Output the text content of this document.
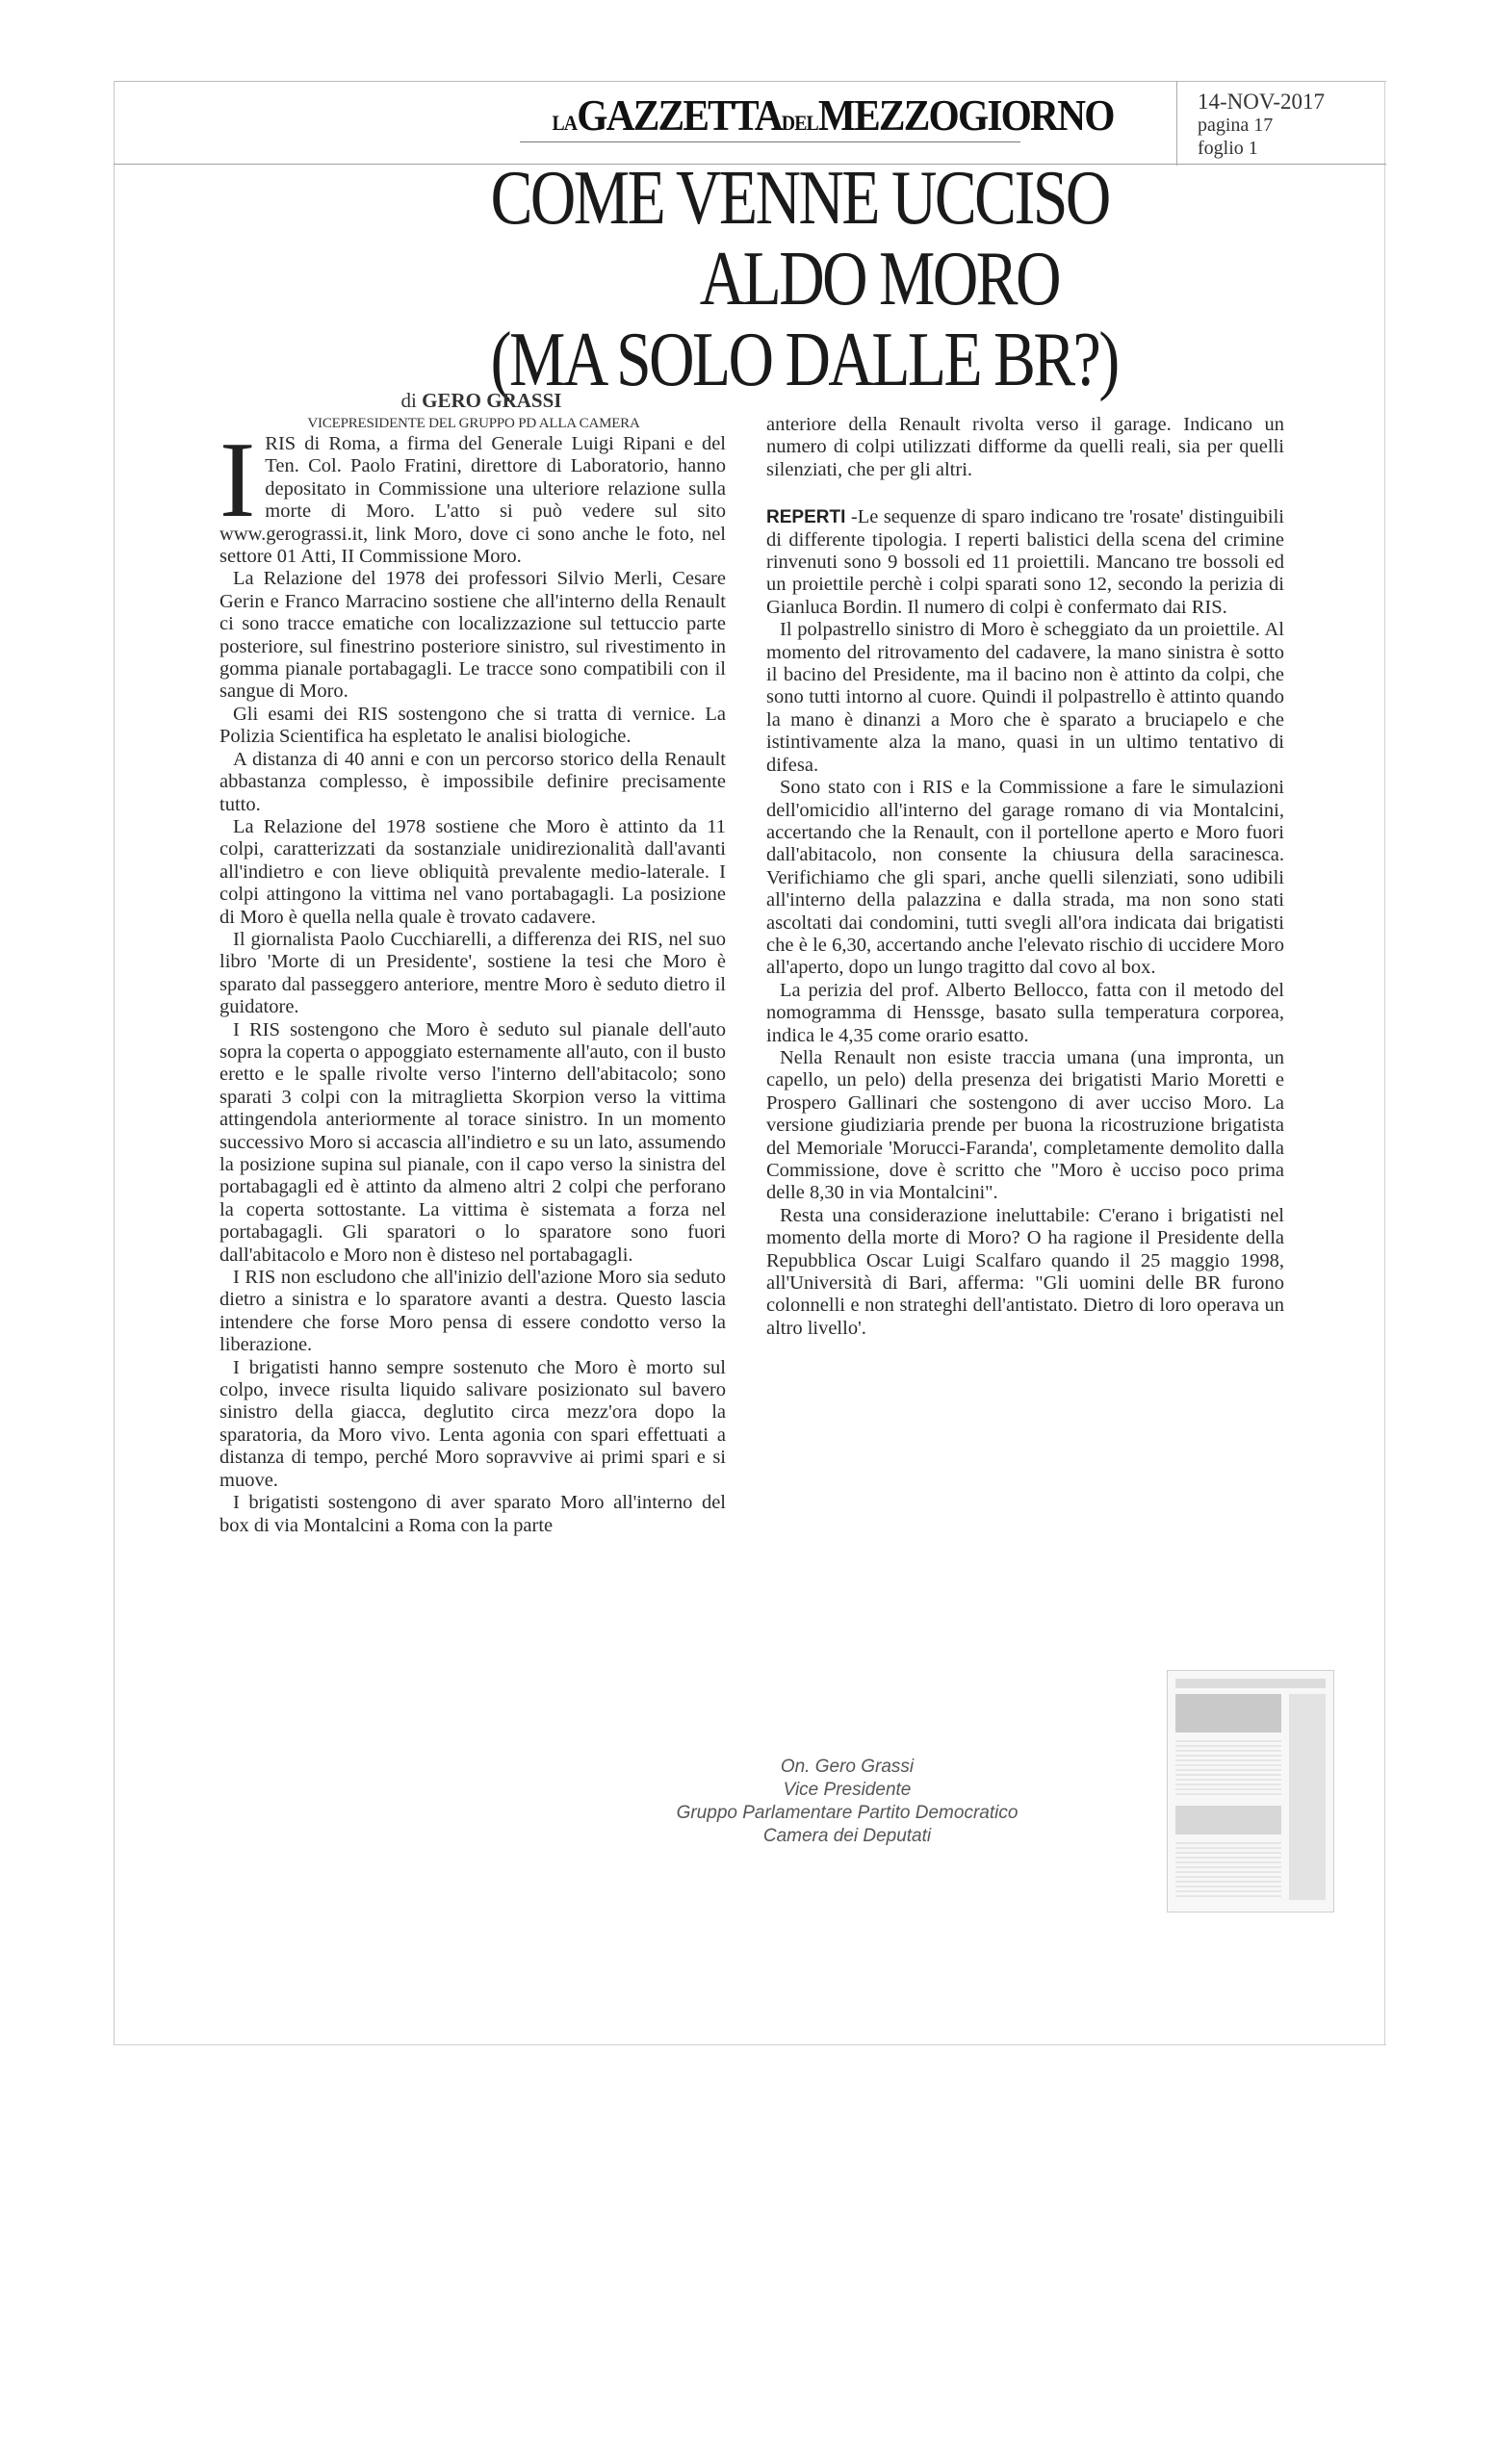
LAGAZZETTADELMEZZOGIORNO	14-NOV-2017
pagina 17
foglio 1
COME VENNE UCCISO
ALDO MORO
(MA SOLO DALLE BR?)
di GERO GRASSI
VICEPRESIDENTE DEL GRUPPO PD ALLA CAMERA

IRIS di Roma, a firma del Generale Luigi Ripani e del Ten. Col. Paolo Fratini, direttore di Laboratorio, hanno depositato in Commissione una ulteriore relazione sulla morte di Moro. L'atto si può vedere sul sito www.gerograssi.it, link Moro, dove ci sono anche le foto, nel settore 01 Atti, II Commissione Moro.

La Relazione del 1978 dei professori Silvio Merli, Cesare Gerin e Franco Marracino sostiene che all'interno della Renault ci sono tracce ematiche con localizzazione sul tettuccio parte posteriore, sul finestrino posteriore sinistro, sul rivestimento in gomma pianale portabagagli. Le tracce sono compatibili con il sangue di Moro.

Gli esami dei RIS sostengono che si tratta di vernice. La Polizia Scientifica ha espletato le analisi biologiche.

A distanza di 40 anni e con un percorso storico della Renault abbastanza complesso, è impossibile definire precisamente tutto.

La Relazione del 1978 sostiene che Moro è attinto da 11 colpi, caratterizzati da sostanziale unidirezionalità dall'avanti all'indietro e con lieve obliquità prevalente medio-laterale. I colpi attingono la vittima nel vano portabagagli. La posizione di Moro è quella nella quale è trovato cadavere.

Il giornalista Paolo Cucchiarelli, a differenza dei RIS, nel suo libro 'Morte di un Presidente', sostiene la tesi che Moro è sparato dal passeggero anteriore, mentre Moro è seduto dietro il guidatore.

I RIS sostengono che Moro è seduto sul pianale dell'auto sopra la coperta o appoggiato esternamente all'auto, con il busto eretto e le spalle rivolte verso l'interno dell'abitacolo; sono sparati 3 colpi con la mitraglietta Skorpion verso la vittima attingendola anteriormente al torace sinistro. In un momento successivo Moro si accascia all'indietro e su un lato, assumendo la posizione supina sul pianale, con il capo verso la sinistra del portabagagli ed è attinto da almeno altri 2 colpi che perforano la coperta sottostante. La vittima è sistemata a forza nel portabagagli. Gli sparatori o lo sparatore sono fuori dall'abitacolo e Moro non è disteso nel portabagagli.

I RIS non escludono che all'inizio dell'azione Moro sia seduto dietro a sinistra e lo sparatore avanti a destra. Questo lascia intendere che forse Moro pensa di essere condotto verso la liberazione.

I brigatisti hanno sempre sostenuto che Moro è morto sul colpo, invece risulta liquido salivare posizionato sul bavero sinistro della giacca, deglutito circa mezz'ora dopo la sparatoria, da Moro vivo. Lenta agonia con spari effettuati a distanza di tempo, perché Moro sopravvive ai primi spari e si muove.

I brigatisti sostengono di aver sparato Moro all'interno del box di via Montalcini a Roma con la parte

anteriore della Renault rivolta verso il garage. Indicano un numero di colpi utilizzati difforme da quelli reali, sia per quelli silenziati, che per gli altri.

REPERTI -Le sequenze di sparo indicano tre 'rosate' distinguibili di differente tipologia. I reperti balistici della scena del crimine rinvenuti sono 9 bossoli ed 11 proiettili. Mancano tre bossoli ed un proiettile perchè i colpi sparati sono 12, secondo la perizia di Gianluca Bordin. Il numero di colpi è confermato dai RIS.

Il polpastrello sinistro di Moro è scheggiato da un proiettile. Al momento del ritrovamento del cadavere, la mano sinistra è sotto il bacino del Presidente, ma il bacino non è attinto da colpi, che sono tutti intorno al cuore. Quindi il polpastrello è attinto quando la mano è dinanzi a Moro che è sparato a bruciapelo e che istintivamente alza la mano, quasi in un ultimo tentativo di difesa.

Sono stato con i RIS e la Commissione a fare le simulazioni dell'omicidio all'interno del garage romano di via Montalcini, accertando che la Renault, con il portellone aperto e Moro fuori dall'abitacolo, non consente la chiusura della saracinesca. Verifichiamo che gli spari, anche quelli silenziati, sono udibili all'interno della palazzina e dalla strada, ma non sono stati ascoltati dai condomini, tutti svegli all'ora indicata dai brigatisti che è le 6,30, accertando anche l'elevato rischio di uccidere Moro all'aperto, dopo un lungo tragitto dal covo al box.

La perizia del prof. Alberto Bellocco, fatta con il metodo del nomogramma di Henssge, basato sulla temperatura corporea, indica le 4,35 come orario esatto.

Nella Renault non esiste traccia umana (una impronta, un capello, un pelo) della presenza dei brigatisti Mario Moretti e Prospero Gallinari che sostengono di aver ucciso Moro. La versione giudiziaria prende per buona la ricostruzione brigatista del Memoriale 'Morucci-Faranda', completamente demolito dalla Commissione, dove è scritto che "Moro è ucciso poco prima delle 8,30 in via Montalcini".

Resta una considerazione ineluttabile: C'erano i brigatisti nel momento della morte di Moro? O ha ragione il Presidente della Repubblica Oscar Luigi Scalfaro quando il 25 maggio 1998, all'Università di Bari, afferma: "Gli uomini delle BR furono colonnelli e non strateghi dell'antistato. Dietro di loro operava un altro livello'.

On. Gero Grassi
Vice Presidente
Gruppo Parlamentare Partito Democratico
Camera dei Deputati
